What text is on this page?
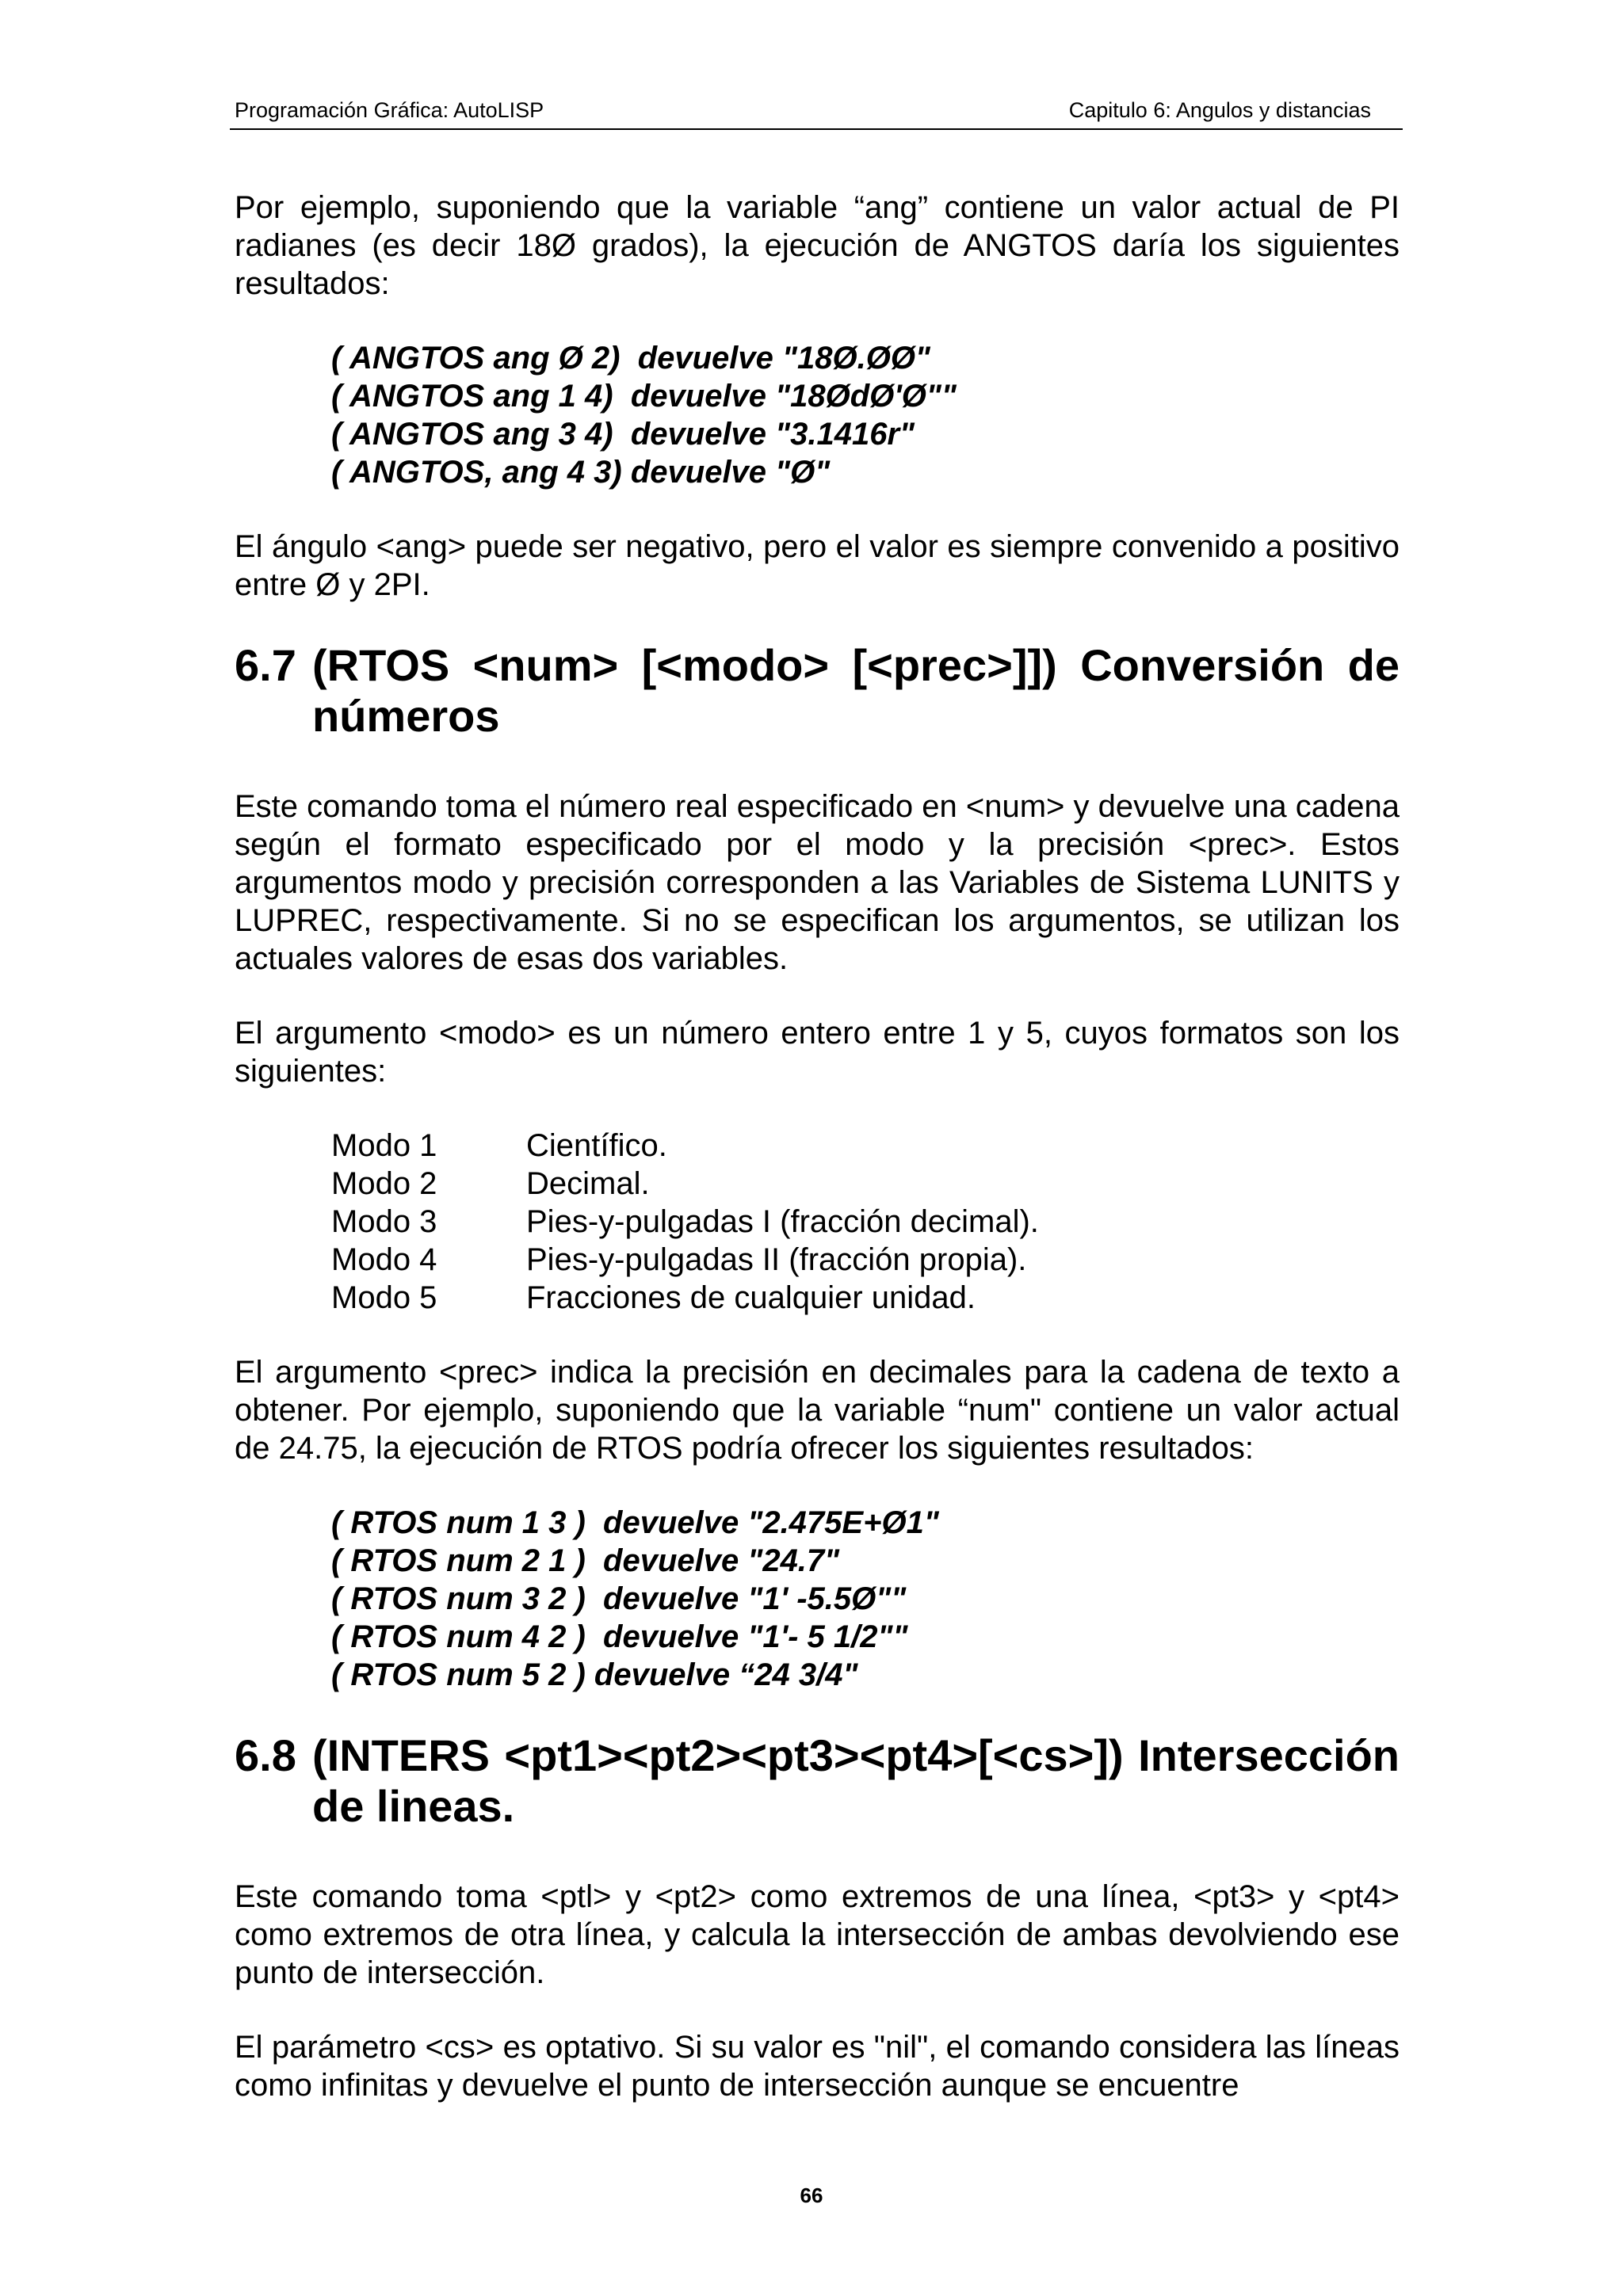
Programación Gráfica: AutoLISP	Capitulo 6: Angulos y distancias

Por ejemplo, suponiendo que la variable “ang” contiene un valor actual de PI radianes (es decir 18Ø grados), la ejecución de ANGTOS daría los siguientes resultados:

( ANGTOS ang Ø 2)  devuelve "18Ø.ØØ"
( ANGTOS ang 1 4)  devuelve "18ØdØ'Ø""
( ANGTOS ang 3 4)  devuelve "3.1416r"
( ANGTOS, ang 4 3) devuelve "Ø"

El ángulo <ang> puede ser negativo, pero el valor es siempre convenido a positivo entre Ø y 2PI.

6.7 (RTOS <num> [<modo> [<prec>]]) Conversión de números

Este comando toma el número real especificado en <num> y devuelve una cadena según el formato especificado por el modo y la precisión <prec>. Estos argumentos modo y precisión corresponden a las Variables de Sistema LUNITS y LUPREC, respectivamente. Si no se especifican los argumentos, se utilizan los actuales valores de esas dos variables.

El argumento <modo> es un número entero entre 1 y 5, cuyos formatos son los siguientes:

Modo 1	Científico.
Modo 2	Decimal.
Modo 3	Pies-y-pulgadas I (fracción decimal).
Modo 4	Pies-y-pulgadas II (fracción propia).
Modo 5	Fracciones de cualquier unidad.

El argumento <prec> indica la precisión en decimales para la cadena de texto a obtener. Por ejemplo, suponiendo que la variable “num" contiene un valor actual de 24.75, la ejecución de RTOS podría ofrecer los siguientes resultados:

( RTOS num 1 3 )  devuelve "2.475E+Ø1"
( RTOS num 2 1 )  devuelve "24.7"
( RTOS num 3 2 )  devuelve "1' -5.5Ø""
( RTOS num 4 2 )  devuelve "1'- 5 1/2""
( RTOS num 5 2 ) devuelve “24 3/4"
6.8 (INTERS <pt1><pt2><pt3><pt4>[<cs>]) Intersección de lineas.

Este comando toma <ptl> y <pt2> como extremos de una línea, <pt3> y <pt4> como extremos de otra línea, y calcula la intersección de ambas devolviendo ese punto de intersección.

El parámetro <cs> es optativo. Si su valor es "nil", el comando considera las líneas como infinitas y devuelve el punto de intersección aunque se encuentre

66
